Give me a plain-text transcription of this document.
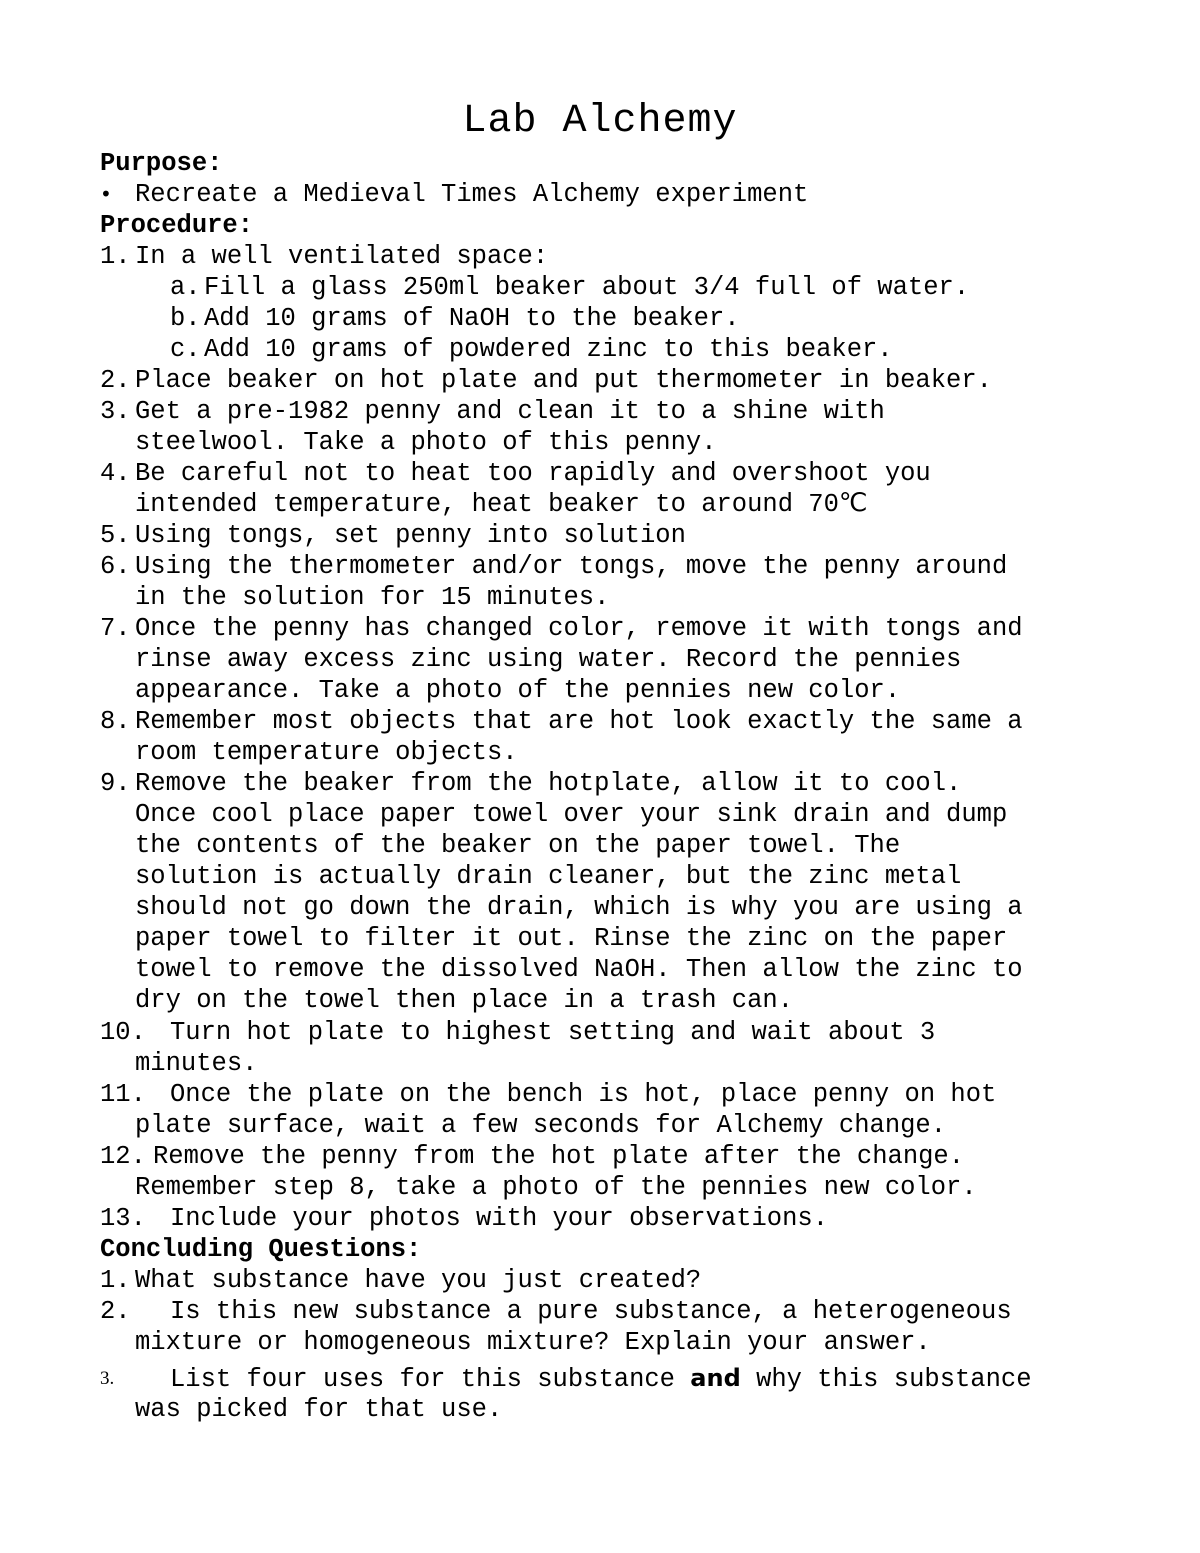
Lab Alchemy
Purpose:

•

Recreate a Medieval Times Alchemy experiment

Procedure:

1.

In a well ventilated space:

a.

Fill a glass 250ml beaker about 3/4 full of water.

b.

Add 10 grams of NaOH to the beaker.

c.

Add 10 grams of powdered zinc to this beaker.

2.

Place beaker on hot plate and put thermometer in beaker.

3.

Get a pre-1982 penny and clean it to a shine with

steelwool. Take a photo of this penny.

4.

Be careful not to heat too rapidly and overshoot you

intended temperature, heat beaker to around 70℃

5.

Using tongs, set penny into solution

6.

Using the thermometer and/or tongs, move the penny around

in the solution for 15 minutes.

7.

Once the penny has changed color, remove it with tongs and

rinse away excess zinc using water. Record the pennies
appearance. Take a photo of the pennies new color.

8.

Remember most objects that are hot look exactly the same a

room temperature objects.

9.

Remove the beaker from the hotplate, allow it to cool.

Once cool place paper towel over your sink drain and dump
the contents of the beaker on the paper towel. The
solution is actually drain cleaner, but the zinc metal
should not go down the drain, which is why you are using a
paper towel to filter it out. Rinse the zinc on the paper
towel to remove the dissolved NaOH. Then allow the zinc to
dry on the towel then place in a trash can.

10.

Turn hot plate to highest setting and wait about 3

minutes.

11.

Once the plate on the bench is hot, place penny on hot

plate surface, wait a few seconds for Alchemy change.

12.

Remove the penny from the hot plate after the change.

Remember step 8, take a photo of the pennies new color.

13.

Include your photos with your observations.

Concluding Questions:

1.

What substance have you just created?

2.

Is this new substance a pure substance, a heterogeneous

mixture or homogeneous mixture? Explain your answer.

3.

List four uses for this substance and why this substance

was picked for that use.
